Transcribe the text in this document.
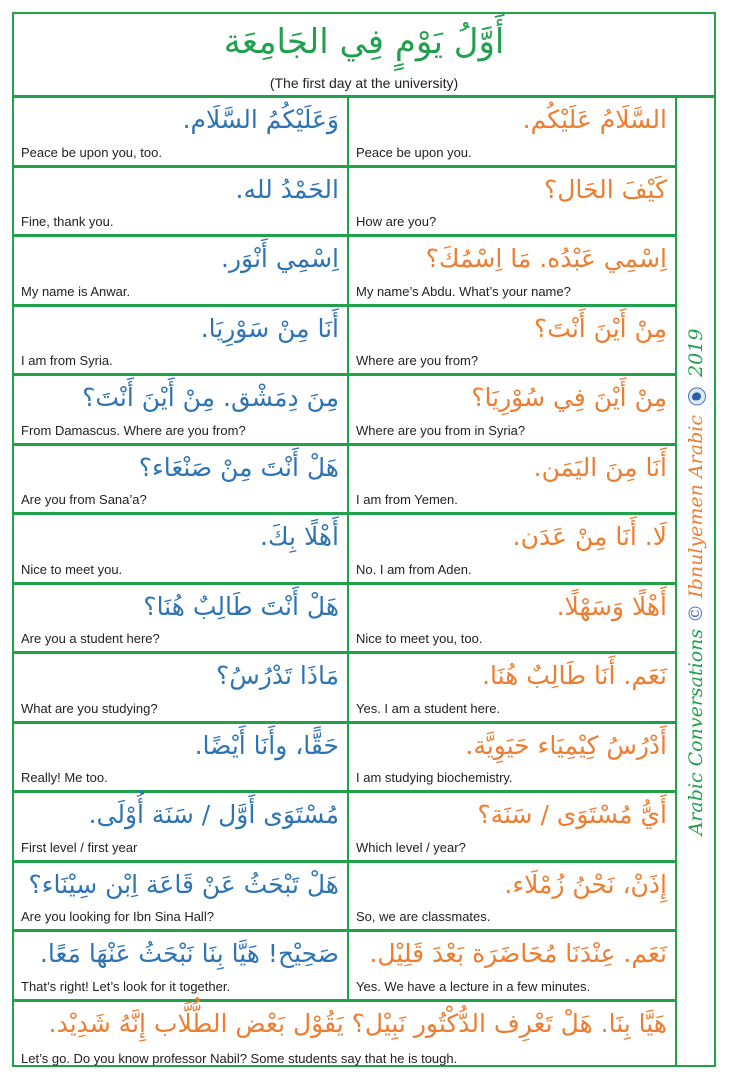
أَوَّلُ يَوْمٍ فِي الجَامِعَة
(The first day at the university)
وَعَلَيْكُمُ السَّلَام.
Peace be upon you, too.
السَّلَامُ عَلَيْكُم.
Peace be upon you.
الحَمْدُ لله.
Fine, thank you.
كَيْفَ الحَال؟
How are you?
اِسْمِي أَنْوَر.
My name is Anwar.
اِسْمِي عَبْدُه. مَا اِسْمُكَ؟
My name’s Abdu. What’s your name?
أَنَا مِنْ سَوْرِيَا.
I am from Syria.
مِنْ أَيْنَ أَنْتَ؟
Where are you from?
مِنَ دِمَشْق. مِنْ أَيْنَ أَنْتَ؟
From Damascus. Where are you from?
مِنْ أَيْنَ فِي سُوْرِيَا؟
Where are you from in Syria?
هَلْ أَنْتَ مِنْ صَنْعَاء؟
Are you from Sana’a?
أَنَا مِنَ اليَمَن.
I am from Yemen.
أَهْلًا بِكَ.
Nice to meet you.
لَا. أَنَا مِنْ عَدَن.
No. I am from Aden.
هَلْ أَنْتَ طَالِبٌ هُنَا؟
Are you a student here?
أَهْلًا وَسَهْلًا.
Nice to meet you, too.
مَاذَا تَدْرُسُ؟
What are you studying?
نَعَم. أَنَا طَالِبٌ هُنَا.
Yes. I am a student here.
حَقًّا، وأَنَا أَيْضًا.
Really! Me too.
أَدْرُسُ كِيْمِيَاء حَيَوِيَّة.
I am studying biochemistry.
مُسْتَوَى أَوَّل / سَنَة أُوْلَى.
First level / first year
أَيُّ مُسْتَوَى / سَنَة؟
Which level / year?
هَلْ تَبْحَثُ عَنْ قَاعَة اِبْن سِيْنَاء؟
Are you looking for Ibn Sina Hall?
إِذَنْ، نَحْنُ زُمْلَاء.
So, we are classmates.
صَحِيْح! هَيَّا بِنَا نَبْحَثُ عَنْهَا مَعًا.
That’s right! Let’s look for it together.
نَعَم. عِنْدَنَا مُحَاضَرَة بَعْدَ قَلِيْل.
Yes. We have a lecture in a few minutes.
هَيَّا بِنَا. هَلْ تَعْرِف الدُّكْتُور نَبِيْل؟ يَقُوْل بَعْض الطُّلَّاب إِنَّهُ شَدِيْد.
Let’s go. Do you know professor Nabil? Some students say that he is tough.
Arabic Conversations © Ibnulyemen Arabic  2019
